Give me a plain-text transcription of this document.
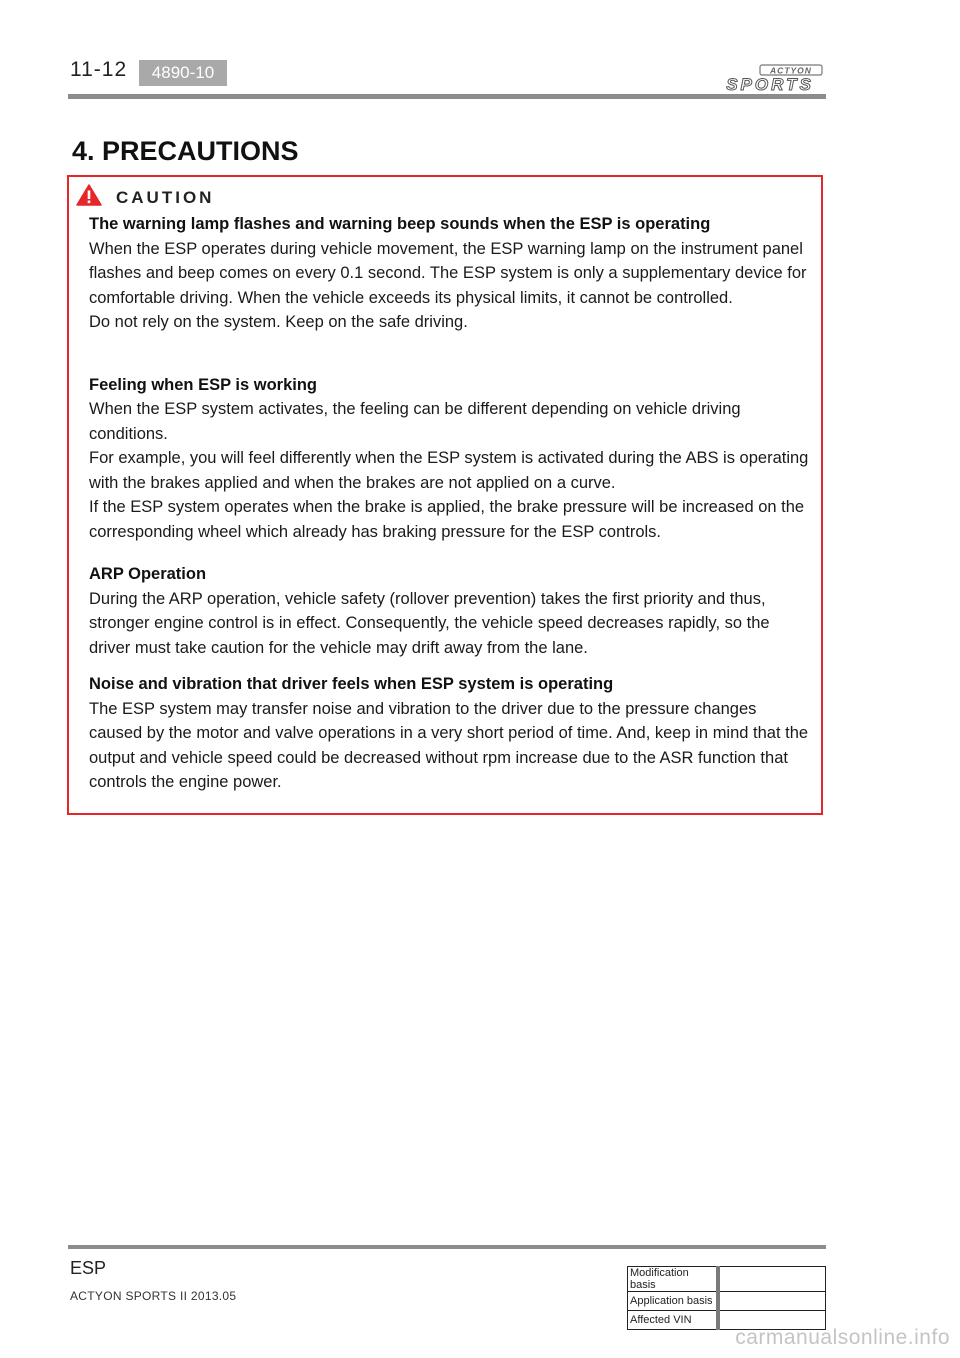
11-12	4890-10	ACTYON
SPORTS
4. PRECAUTIONS
CAUTION

The warning lamp flashes and warning beep sounds when the ESP is operating

When the ESP operates during vehicle movement, the ESP warning lamp on the instrument panel flashes and beep comes on every 0.1 second. The ESP system is only a supplementary device for comfortable driving. When the vehicle exceeds its physical limits, it cannot be controlled.

Do not rely on the system. Keep on the safe driving.

Feeling when ESP is working

When the ESP system activates, the feeling can be different depending on vehicle driving conditions.

For example, you will feel differently when the ESP system is activated during the ABS is operating with the brakes applied and when the brakes are not applied on a curve.

If the ESP system operates when the brake is applied, the brake pressure will be increased on the corresponding wheel which already has braking pressure for the ESP controls.

ARP Operation

During the ARP operation, vehicle safety (rollover prevention) takes the first priority and thus, stronger engine control is in effect. Consequently, the vehicle speed decreases rapidly, so the driver must take caution for the vehicle may drift away from the lane.

Noise and vibration that driver feels when ESP system is operating

The ESP system may transfer noise and vibration to the driver due to the pressure changes caused by the motor and valve operations in a very short period of time. And, keep in mind that the output and vehicle speed could be decreased without rpm increase due to the ASR function that controls the engine power.

ESP
ACTYON SPORTS II 2013.05
Modification basis	
Application basis	
Affected VIN	
carmanualsonline.info
